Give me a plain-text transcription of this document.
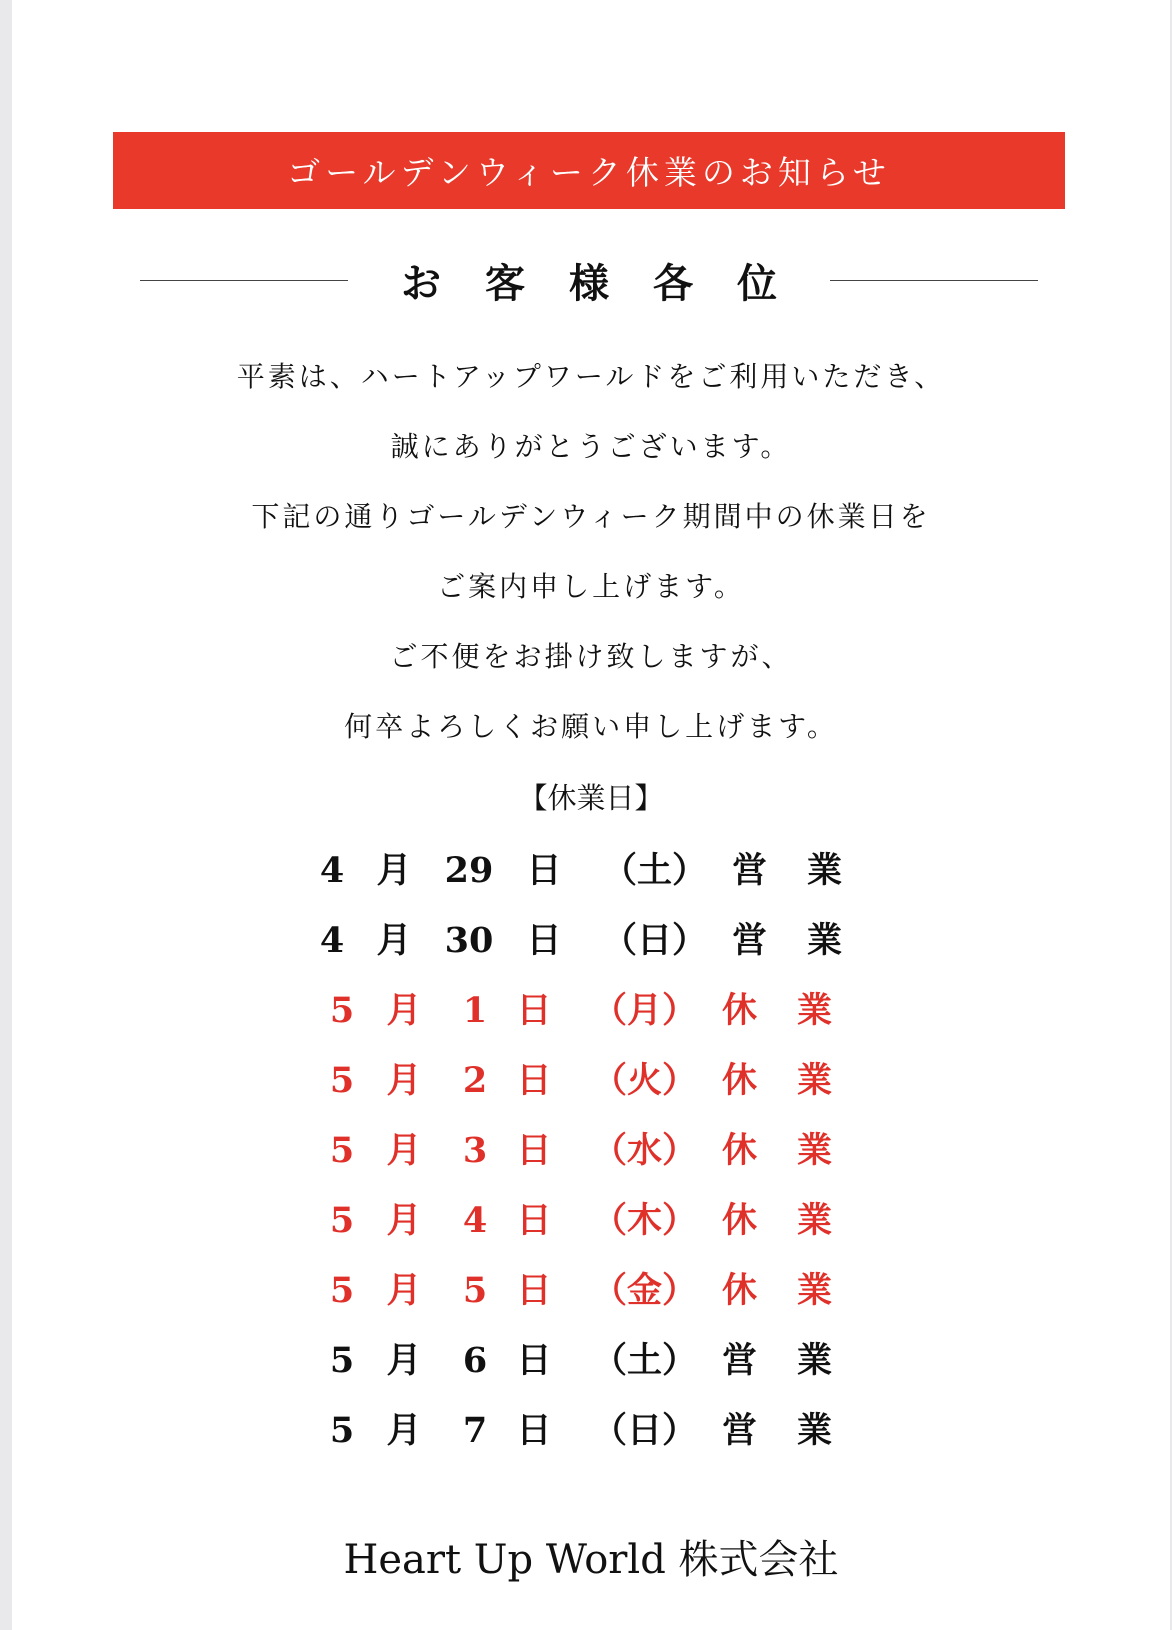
ゴールデンウィーク休業のお知らせ
お客様各位
平素は、ハートアップワールドをご利用いただき、
誠にありがとうございます。
下記の通りゴールデンウィーク期間中の休業日を
ご案内申し上げます。
ご不便をお掛け致しますが、
何卒よろしくお願い申し上げます。
【休業日】
4 月 29 日 （土） 営業
4 月 30 日 （日） 営業
5 月	1 日 （月） 休業
5 月	2 日 （火） 休業
5 月	3 日 （水） 休業
5 月	4 日 （木） 休業
5 月	5 日 （金） 休業
5 月	6 日 （土） 営業
5 月	7 日 （日） 営業
Heart Up World 株式会社
